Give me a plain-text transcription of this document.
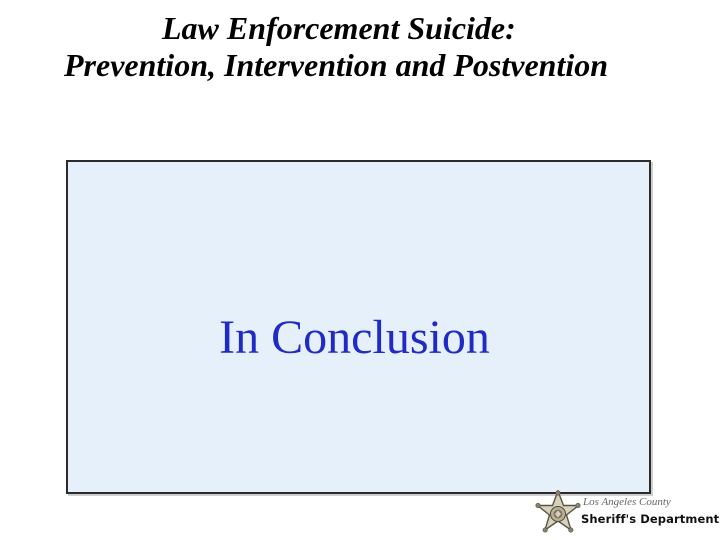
Law Enforcement Suicide:
Prevention, Intervention and Postvention
In Conclusion
Los Angeles County
Sheriff's Department
